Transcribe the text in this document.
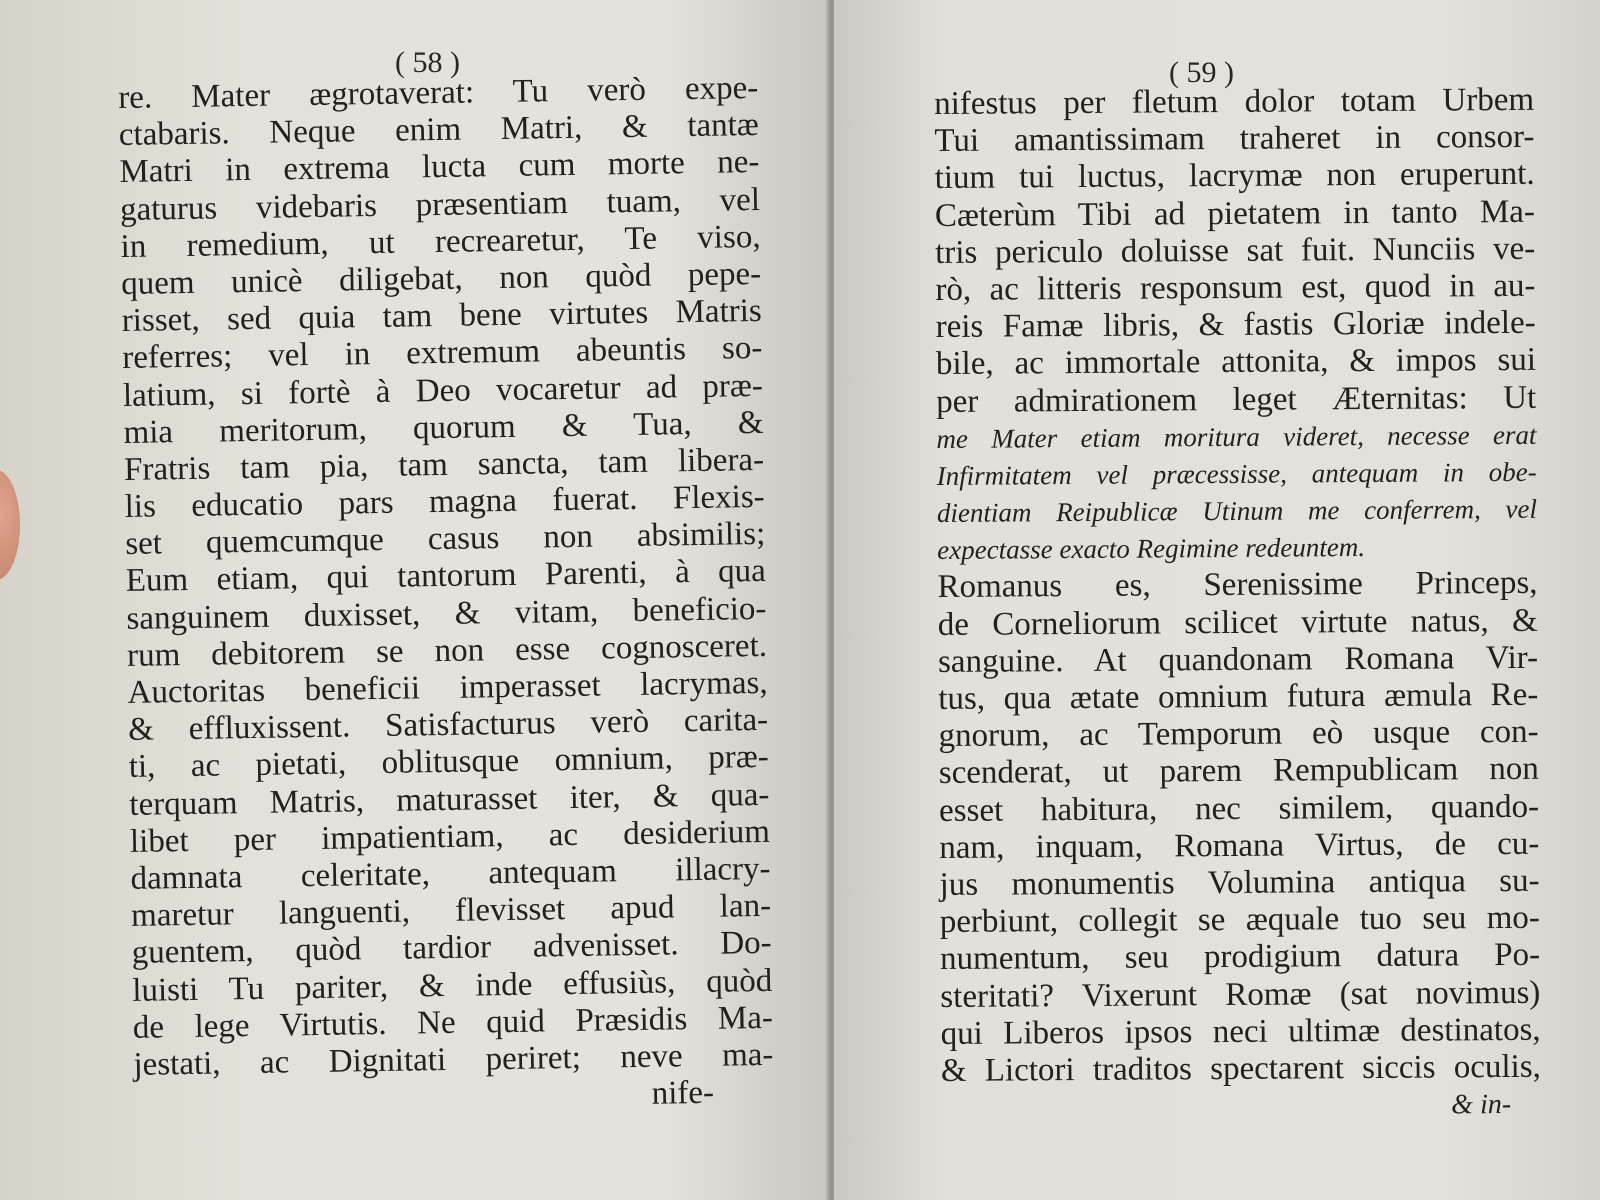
( 58 )
re. Mater ægrotaverat: Tu verò expe-
ctabaris. Neque enim Matri, & tantæ
Matri in extrema lucta cum morte ne-
gaturus videbaris præsentiam tuam, vel
in remedium, ut recrearetur, Te viso,
quem unicè diligebat, non quòd pepe-
risset, sed quia tam bene virtutes Matris
referres; vel in extremum abeuntis so-
latium, si fortè à Deo vocaretur ad præ-
mia meritorum, quorum & Tua, &
Fratris tam pia, tam sancta, tam libera-
lis educatio pars magna fuerat. Flexis-
set quemcumque casus non absimilis;
Eum etiam, qui tantorum Parenti, à qua
sanguinem duxisset, & vitam, beneficio-
rum debitorem se non esse cognosceret.
Auctoritas beneficii imperasset lacrymas,
& effluxissent. Satisfacturus verò carita-
ti, ac pietati, oblitusque omnium, præ-
terquam Matris, maturasset iter, & qua-
libet per impatientiam, ac desiderium
damnata celeritate, antequam illacry-
maretur languenti, flevisset apud lan-
guentem, quòd tardior advenisset. Do-
luisti Tu pariter, & inde effusiùs, quòd
de lege Virtutis. Ne quid Præsidis Ma-
jestati, ac Dignitati periret; neve ma-
nife-
( 59 )
nifestus per fletum dolor totam Urbem
Tui amantissimam traheret in consor-
tium tui luctus, lacrymæ non eruperunt.
Cæterùm Tibi ad pietatem in tanto Ma-
tris periculo doluisse sat fuit. Nunciis ve-
rò, ac litteris responsum est, quod in au-
reis Famæ libris, & fastis Gloriæ indele-
bile, ac immortale attonita, & impos sui
per admirationem leget Æternitas: Ut
me Mater etiam moritura videret, necesse erat
Infirmitatem vel præcessisse, antequam in obe-
dientiam Reipublicæ Utinum me conferrem, vel
expectasse exacto Regimine redeuntem.
Romanus es, Serenissime Princeps,
de Corneliorum scilicet virtute natus, &
sanguine. At quandonam Romana Vir-
tus, qua ætate omnium futura æmula Re-
gnorum, ac Temporum eò usque con-
scenderat, ut parem Rempublicam non
esset habitura, nec similem, quando-
nam, inquam, Romana Virtus, de cu-
jus monumentis Volumina antiqua su-
perbiunt, collegit se æquale tuo seu mo-
numentum, seu prodigium datura Po-
steritati? Vixerunt Romæ (sat novimus)
qui Liberos ipsos neci ultimæ destinatos,
& Lictori traditos spectarent siccis oculis,
& in-
